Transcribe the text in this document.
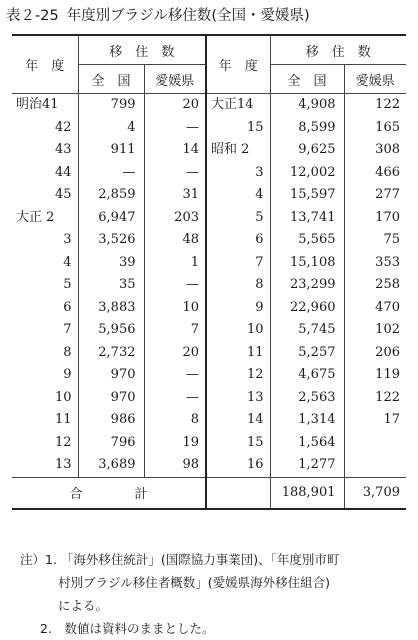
表２-25 年度別ブラジル移住数(全国・愛媛県)
年　度	移　住　数		年　度	移　住　数	
	全　国	愛媛県		全　国	愛媛県
明治41	799	20	大正14	4,908	122
42	4	—	15	8,599	165
43	911	14	昭和 2	9,625	308
44	—	—	3	12,002	466
45	2,859	31	4	15,597	277
大正 2	6,947	203	5	13,741	170
3	3,526	48	6	5,565	75
4	39	1	7	15,108	353
5	35	—	8	23,299	258
6	3,883	10	9	22,960	470
7	5,956	7	10	5,745	102
8	2,732	20	11	5,257	206
9	970	—	12	4,675	119
10	970	—	13	2,563	122
11	986	8	14	1,314	17
12	796	19	15	1,564	
13	3,689	98	16	1,277	
合　　　　計				188,901	3,709
注）1. 「海外移住統計」(国際協力事業団)、「年度別市町
村別ブラジル移住者概数」(愛媛県海外移住組合)
による。
2.　 数値は資料のままとした。
